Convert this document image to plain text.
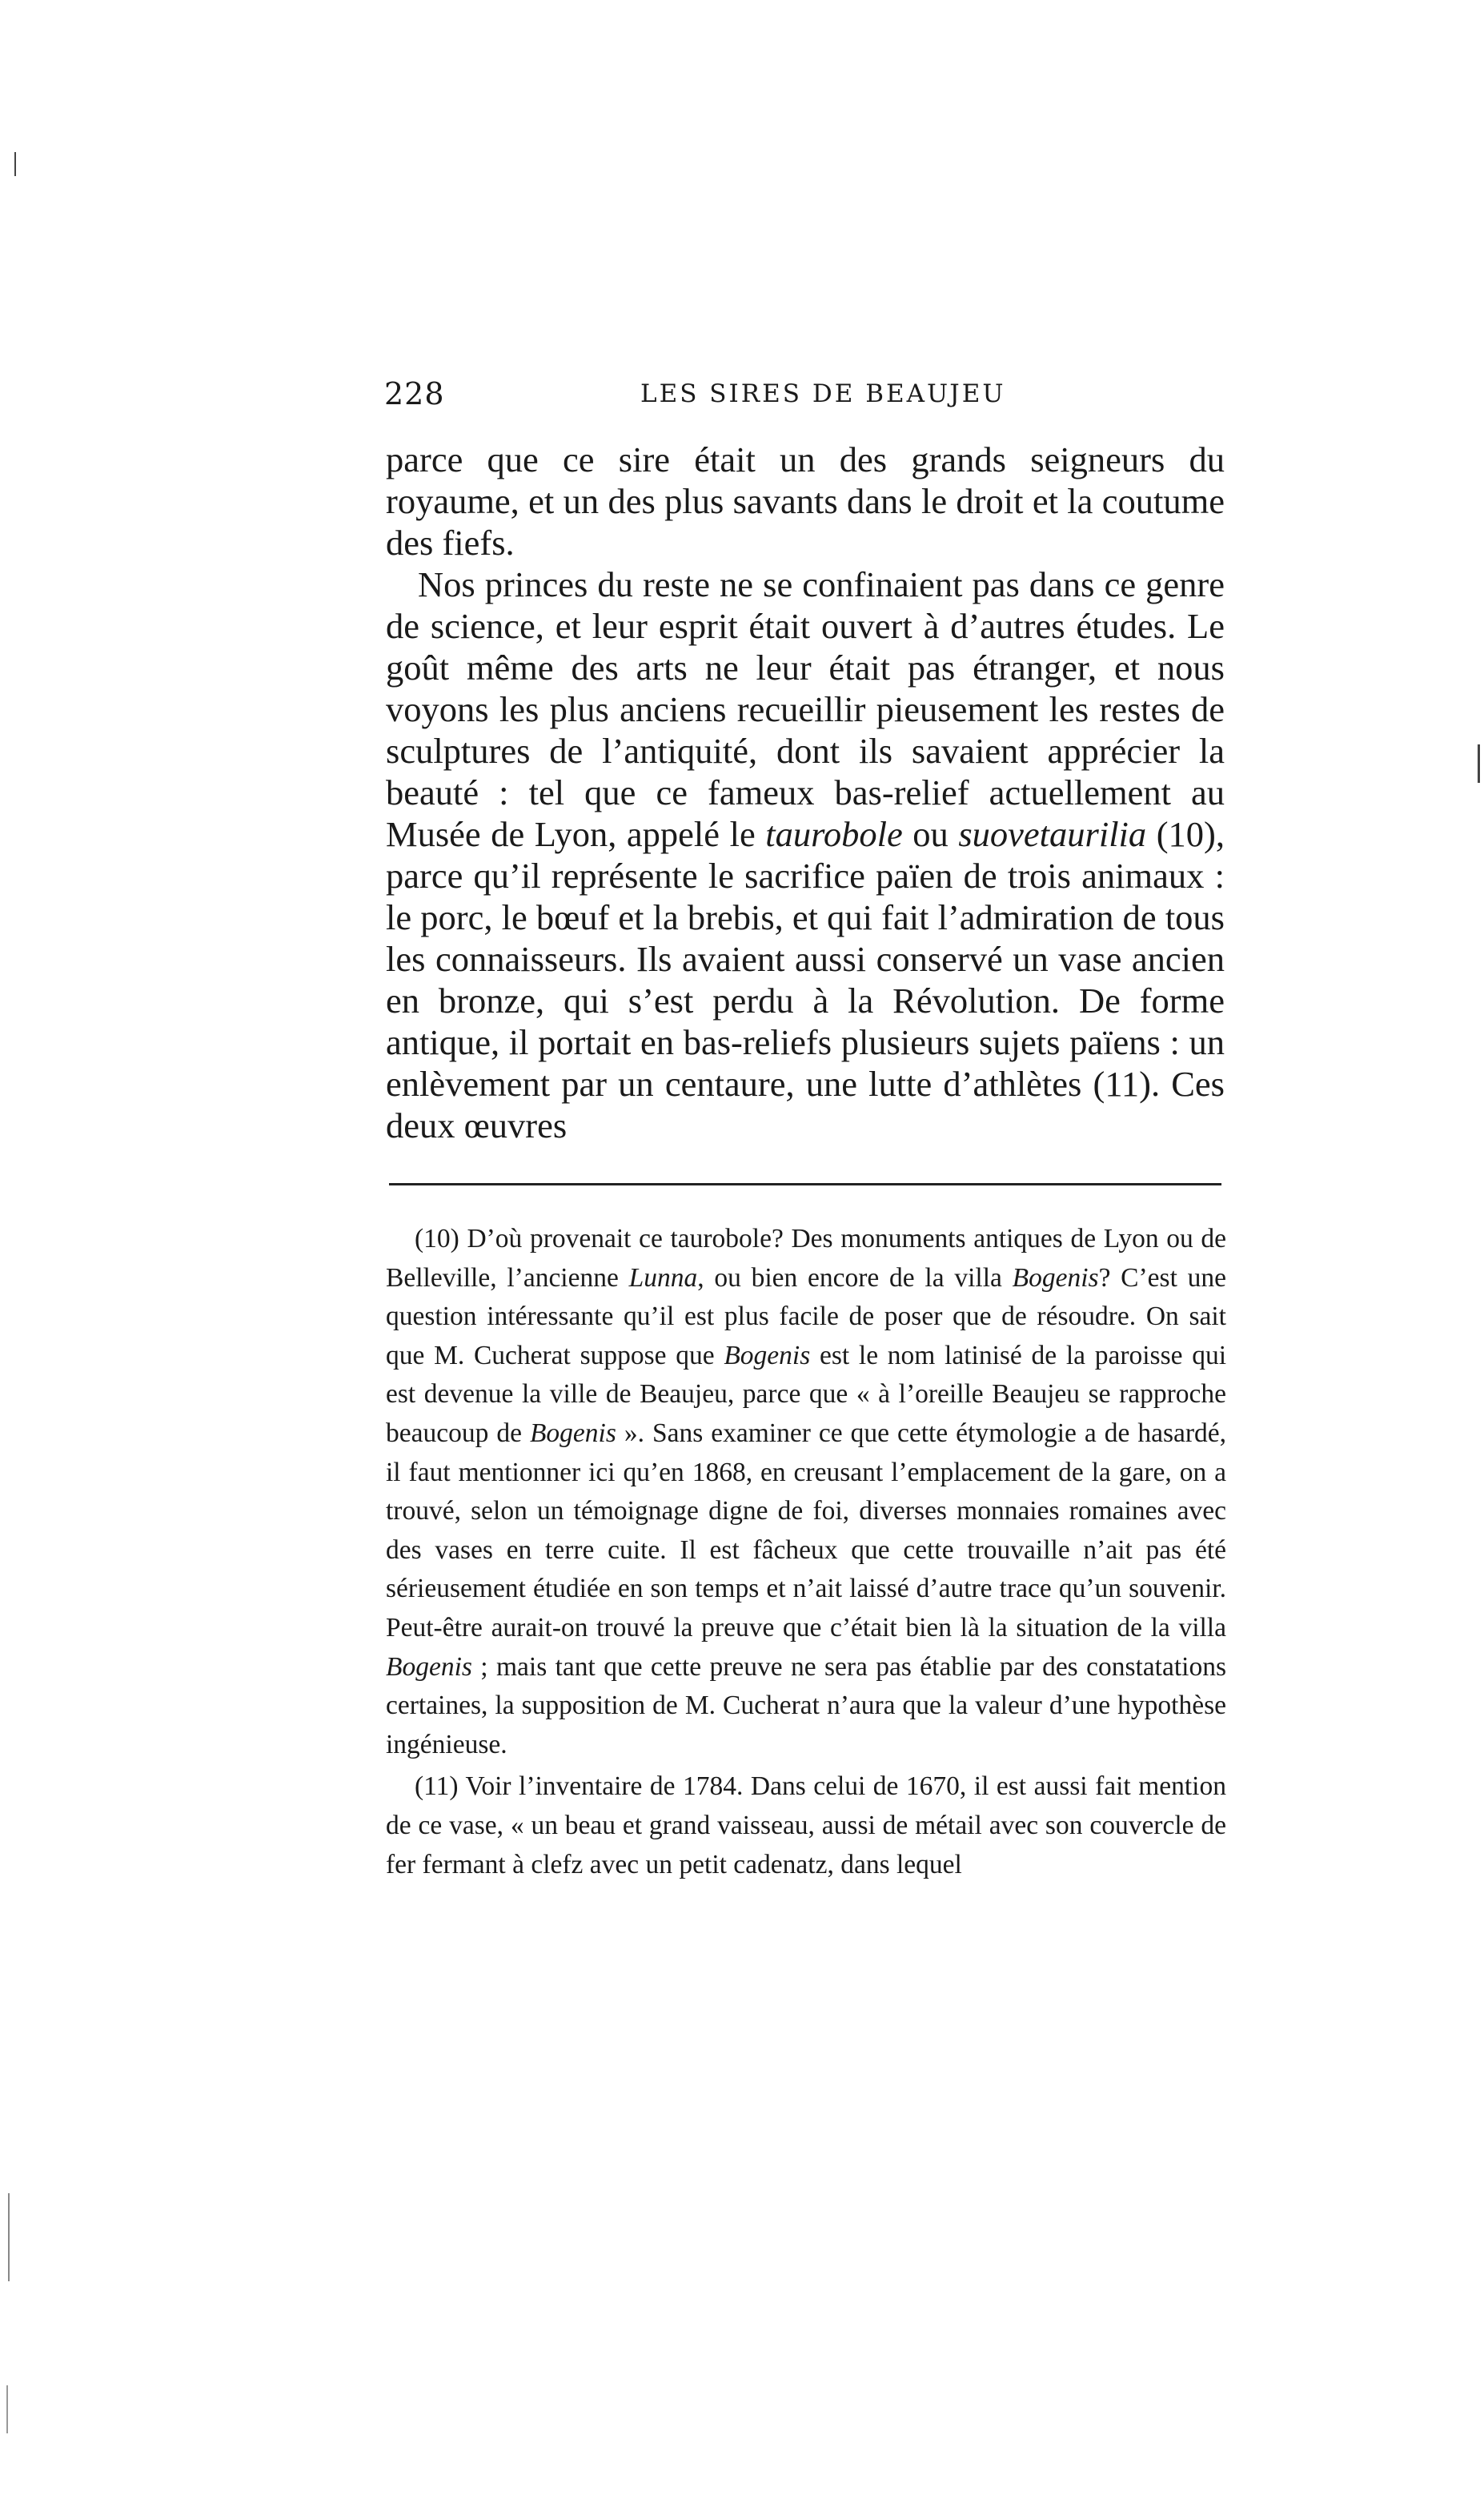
228	LES SIRES DE BEAUJEU

parce que ce sire était un des grands seigneurs du royaume, et un des plus savants dans le droit et la coutume des fiefs.

Nos princes du reste ne se confinaient pas dans ce genre de science, et leur esprit était ouvert à d’autres études. Le goût même des arts ne leur était pas étranger, et nous voyons les plus anciens recueillir pieusement les restes de sculptures de l’antiquité, dont ils savaient apprécier la beauté : tel que ce fameux bas-relief actuellement au Musée de Lyon, appelé le taurobole ou suovetaurilia (10), parce qu’il représente le sacrifice païen de trois animaux : le porc, le bœuf et la brebis, et qui fait l’admiration de tous les connaisseurs. Ils avaient aussi conservé un vase ancien en bronze, qui s’est perdu à la Révolution. De forme antique, il portait en bas-reliefs plusieurs sujets païens : un enlèvement par un centaure, une lutte d’athlètes (11). Ces deux œuvres

(10) D’où provenait ce taurobole? Des monuments antiques de Lyon ou de Belleville, l’ancienne Lunna, ou bien encore de la villa Bogenis? C’est une question intéressante qu’il est plus facile de poser que de résoudre. On sait que M. Cucherat suppose que Bogenis est le nom latinisé de la paroisse qui est devenue la ville de Beaujeu, parce que « à l’oreille Beaujeu se rapproche beaucoup de Bogenis ». Sans examiner ce que cette étymologie a de hasardé, il faut mentionner ici qu’en 1868, en creusant l’emplacement de la gare, on a trouvé, selon un témoignage digne de foi, diverses monnaies romaines avec des vases en terre cuite. Il est fâcheux que cette trouvaille n’ait pas été sérieusement étudiée en son temps et n’ait laissé d’autre trace qu’un souvenir. Peut-être aurait-on trouvé la preuve que c’était bien là la situation de la villa Bogenis ; mais tant que cette preuve ne sera pas établie par des constatations certaines, la supposition de M. Cucherat n’aura que la valeur d’une hypothèse ingénieuse.

(11) Voir l’inventaire de 1784. Dans celui de 1670, il est aussi fait mention de ce vase, « un beau et grand vaisseau, aussi de métail avec son couvercle de fer fermant à clefz avec un petit cadenatz, dans lequel
